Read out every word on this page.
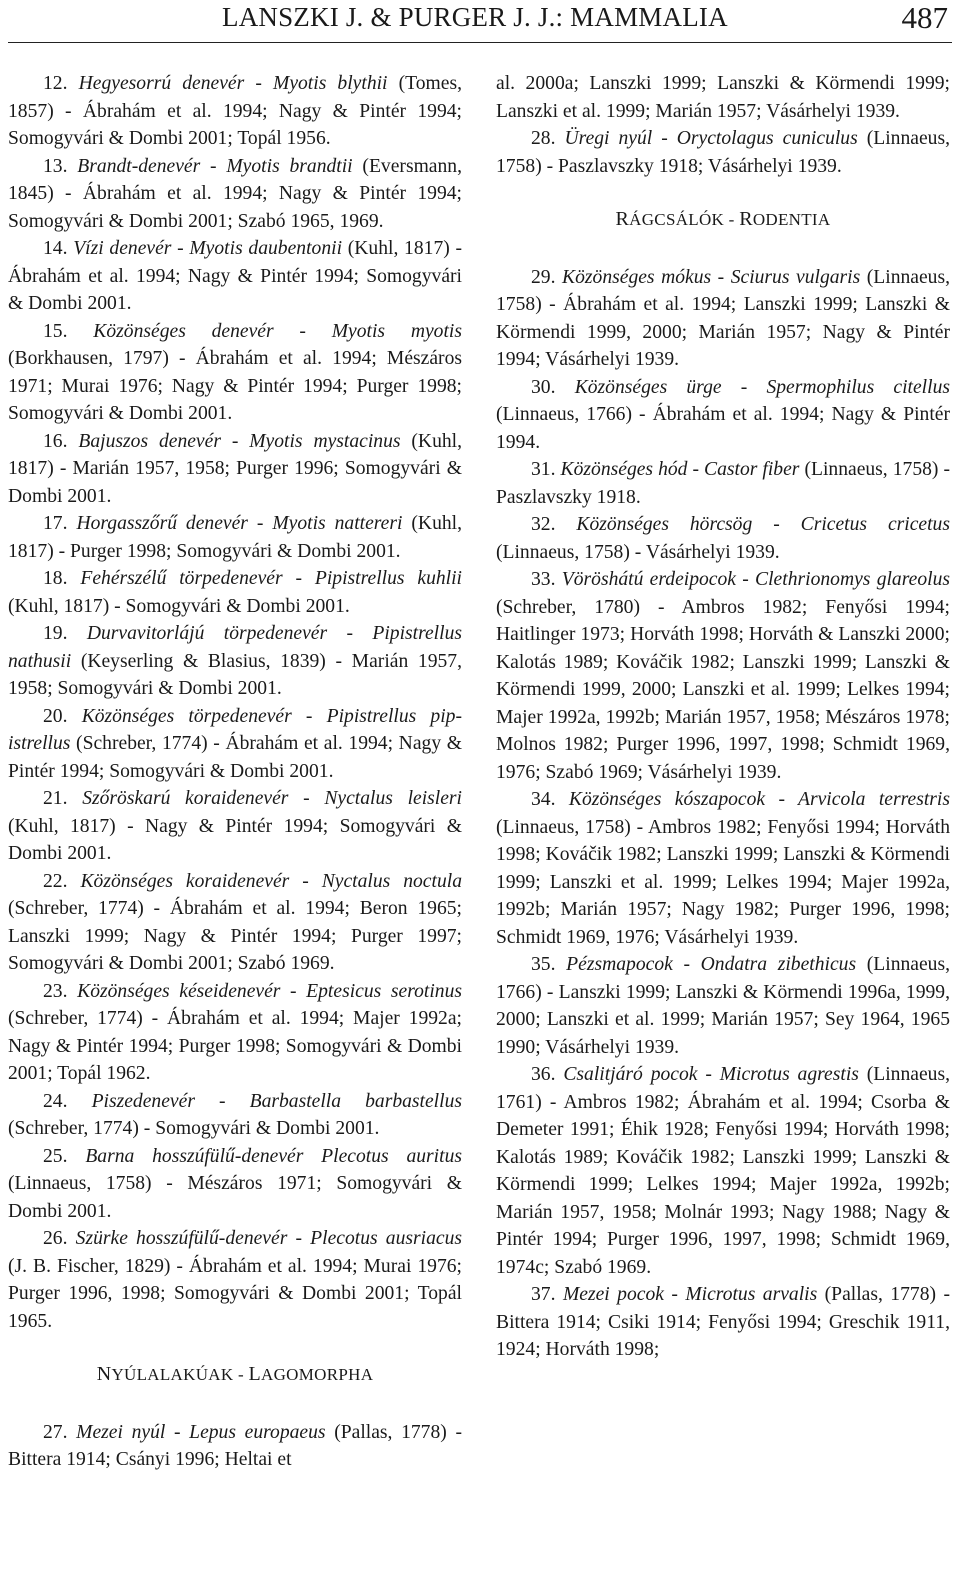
LANSZKI J. & PURGER J. J.: MAMMALIA	487

12. Hegyesorrú denevér - Myotis blythii (Tomes, 1857) - Ábrahám et al. 1994; Nagy & Pintér 1994; Somogyvári & Dombi 2001; Topál 1956.

13. Brandt-denevér - Myotis brandtii (Eversmann, 1845) - Ábrahám et al. 1994; Nagy & Pintér 1994; Somogyvári & Dombi 2001; Szabó 1965, 1969.

14. Vízi denevér - Myotis daubentonii (Kuhl, 1817) - Ábrahám et al. 1994; Nagy & Pintér 1994; Somogyvári & Dombi 2001.

15. Közönséges denevér - Myotis myotis (Borkhausen, 1797) - Ábrahám et al. 1994; Mészáros 1971; Murai 1976; Nagy & Pintér 1994; Purger 1998; Somogyvári & Dombi 2001.

16. Bajuszos denevér - Myotis mystacinus (Kuhl, 1817) - Marián 1957, 1958; Purger 1996; Somogyvári & Dombi 2001.

17. Horgasszőrű denevér - Myotis nattereri (Kuhl, 1817) - Purger 1998; Somogyvári & Dombi 2001.

18. Fehérszélű törpedenevér - Pipistrellus kuhlii (Kuhl, 1817) - Somogyvári & Dombi 2001.

19. Durvavitorlájú törpedenevér - Pipistrellus nathusii (Keyserling & Blasius, 1839) - Marián 1957, 1958; Somogyvári & Dombi 2001.

20. Közönséges törpedenevér - Pipistrellus pipistrellus (Schreber, 1774) - Ábrahám et al. 1994; Nagy & Pintér 1994; Somogyvári & Dombi 2001.

21. Szőröskarú koraidenevér - Nyctalus leisleri (Kuhl, 1817) - Nagy & Pintér 1994; Somogyvári & Dombi 2001.

22. Közönséges koraidenevér - Nyctalus noctula (Schreber, 1774) - Ábrahám et al. 1994; Beron 1965; Lanszki 1999; Nagy & Pintér 1994; Purger 1997; Somogyvári & Dombi 2001; Szabó 1969.

23. Közönséges késeidenevér - Eptesicus serotinus (Schreber, 1774) - Ábrahám et al. 1994; Majer 1992a; Nagy & Pintér 1994; Purger 1998; Somogyvári & Dombi 2001; Topál 1962.

24. Piszedenevér - Barbastella barbastellus (Schreber, 1774) - Somogyvári & Dombi 2001.

25. Barna hosszúfülű-denevér Plecotus auritus (Linnaeus, 1758) - Mészáros 1971; Somogyvári & Dombi 2001.

26. Szürke hosszúfülű-denevér - Plecotus ausriacus (J. B. Fischer, 1829) - Ábrahám et al. 1994; Murai 1976; Purger 1996, 1998; Somogyvári & Dombi 2001; Topál 1965.

NYÚLALAKÚAK - LAGOMORPHA

27. Mezei nyúl - Lepus europaeus (Pallas, 1778) - Bittera 1914; Csányi 1996; Heltai et

al. 2000a; Lanszki 1999; Lanszki & Körmendi 1999; Lanszki et al. 1999; Marián 1957; Vásárhelyi 1939.

28. Üregi nyúl - Oryctolagus cuniculus (Linnaeus, 1758) - Paszlavszky 1918; Vásárhelyi 1939.

RÁGCSÁLÓK - RODENTIA

29. Közönséges mókus - Sciurus vulgaris (Linnaeus, 1758) - Ábrahám et al. 1994; Lanszki 1999; Lanszki & Körmendi 1999, 2000; Marián 1957; Nagy & Pintér 1994; Vásárhelyi 1939.

30. Közönséges ürge - Spermophilus citellus (Linnaeus, 1766) - Ábrahám et al. 1994; Nagy & Pintér 1994.

31. Közönséges hód - Castor fiber (Linnaeus, 1758) - Paszlavszky 1918.

32. Közönséges hörcsög - Cricetus cricetus (Linnaeus, 1758) - Vásárhelyi 1939.

33. Vöröshátú erdeipocok - Clethrionomys glareolus (Schreber, 1780) - Ambros 1982; Fenyősi 1994; Haitlinger 1973; Horváth 1998; Horváth & Lanszki 2000; Kalotás 1989; Kováčik 1982; Lanszki 1999; Lanszki & Körmendi 1999, 2000; Lanszki et al. 1999; Lelkes 1994; Majer 1992a, 1992b; Marián 1957, 1958; Mészáros 1978; Molnos 1982; Purger 1996, 1997, 1998; Schmidt 1969, 1976; Szabó 1969; Vásárhelyi 1939.

34. Közönséges kószapocok - Arvicola terrestris (Linnaeus, 1758) - Ambros 1982; Fenyősi 1994; Horváth 1998; Kováčik 1982; Lanszki 1999; Lanszki & Körmendi 1999; Lanszki et al. 1999; Lelkes 1994; Majer 1992a, 1992b; Marián 1957; Nagy 1982; Purger 1996, 1998; Schmidt 1969, 1976; Vásárhelyi 1939.

35. Pézsmapocok - Ondatra zibethicus (Linnaeus, 1766) - Lanszki 1999; Lanszki & Körmendi 1996a, 1999, 2000; Lanszki et al. 1999; Marián 1957; Sey 1964, 1965 1990; Vásárhelyi 1939.

36. Csalitjáró pocok - Microtus agrestis (Linnaeus, 1761) - Ambros 1982; Ábrahám et al. 1994; Csorba & Demeter 1991; Éhik 1928; Fenyősi 1994; Horváth 1998; Kalotás 1989; Kováčik 1982; Lanszki 1999; Lanszki & Körmendi 1999; Lelkes 1994; Majer 1992a, 1992b; Marián 1957, 1958; Molnár 1993; Nagy 1988; Nagy & Pintér 1994; Purger 1996, 1997, 1998; Schmidt 1969, 1974c; Szabó 1969.

37. Mezei pocok - Microtus arvalis (Pallas, 1778) - Bittera 1914; Csiki 1914; Fenyősi 1994; Greschik 1911, 1924; Horváth 1998;
